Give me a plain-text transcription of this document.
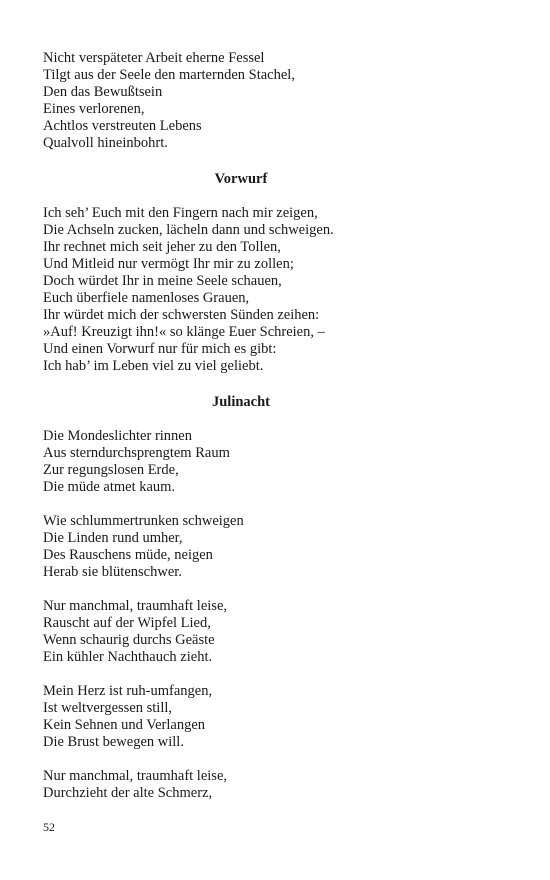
Nicht verspäteter Arbeit eherne Fessel
Tilgt aus der Seele den marternden Stachel,
Den das Bewußtsein
Eines verlorenen,
Achtlos verstreuten Lebens
Qualvoll hineinbohrt.
Vorwurf
Ich seh’ Euch mit den Fingern nach mir zeigen,
Die Achseln zucken, lächeln dann und schweigen.
Ihr rechnet mich seit jeher zu den Tollen,
Und Mitleid nur vermögt Ihr mir zu zollen;
Doch würdet Ihr in meine Seele schauen,
Euch überfiele namenloses Grauen,
Ihr würdet mich der schwersten Sünden zeihen:
»Auf! Kreuzigt ihn!« so klänge Euer Schreien, –
Und einen Vorwurf nur für mich es gibt:
Ich hab’ im Leben viel zu viel geliebt.
Julinacht
Die Mondeslichter rinnen
Aus sterndurchsprengtem Raum
Zur regungslosen Erde,
Die müde atmet kaum.
Wie schlummertrunken schweigen
Die Linden rund umher,
Des Rauschens müde, neigen
Herab sie blütenschwer.
Nur manchmal, traumhaft leise,
Rauscht auf der Wipfel Lied,
Wenn schaurig durchs Geäste
Ein kühler Nachthauch zieht.
Mein Herz ist ruh-umfangen,
Ist weltvergessen still,
Kein Sehnen und Verlangen
Die Brust bewegen will.
Nur manchmal, traumhaft leise,
Durchzieht der alte Schmerz,
52
